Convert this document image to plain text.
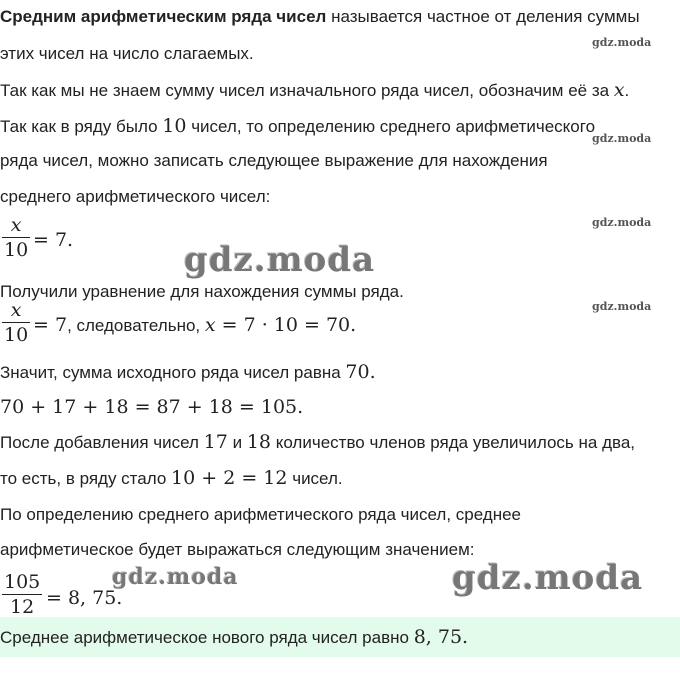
Средним арифметическим ряда чисел называется частное от деления суммы
этих чисел на число слагаемых.
Так как мы не знаем сумму чисел изначального ряда чисел, обозначим её за x.
Так как в ряду было 10 чисел, то определению среднего арифметического
ряда чисел, можно записать следующее выражение для нахождения
среднего арифметического чисел:
x
10 = 7.
Получили уравнение для нахождения суммы ряда.
x
10 = 7, следовательно, x = 7 · 10 = 70.
Значит, сумма исходного ряда чисел равна 70.
70 + 17 + 18 = 87 + 18 = 105.
После добавления чисел 17 и 18 количество членов ряда увеличилось на два,
то есть, в ряду стало 10 + 2 = 12 чисел.
По определению среднего арифметического ряда чисел, среднее
арифметическое будет выражаться следующим значением:
105
12 = 8, 75.
Среднее арифметическое нового ряда чисел равно 8, 75.
gdz.moda
gdz.moda
gdz.moda
gdz.moda
gdz.moda
gdz.moda	gdz.moda
